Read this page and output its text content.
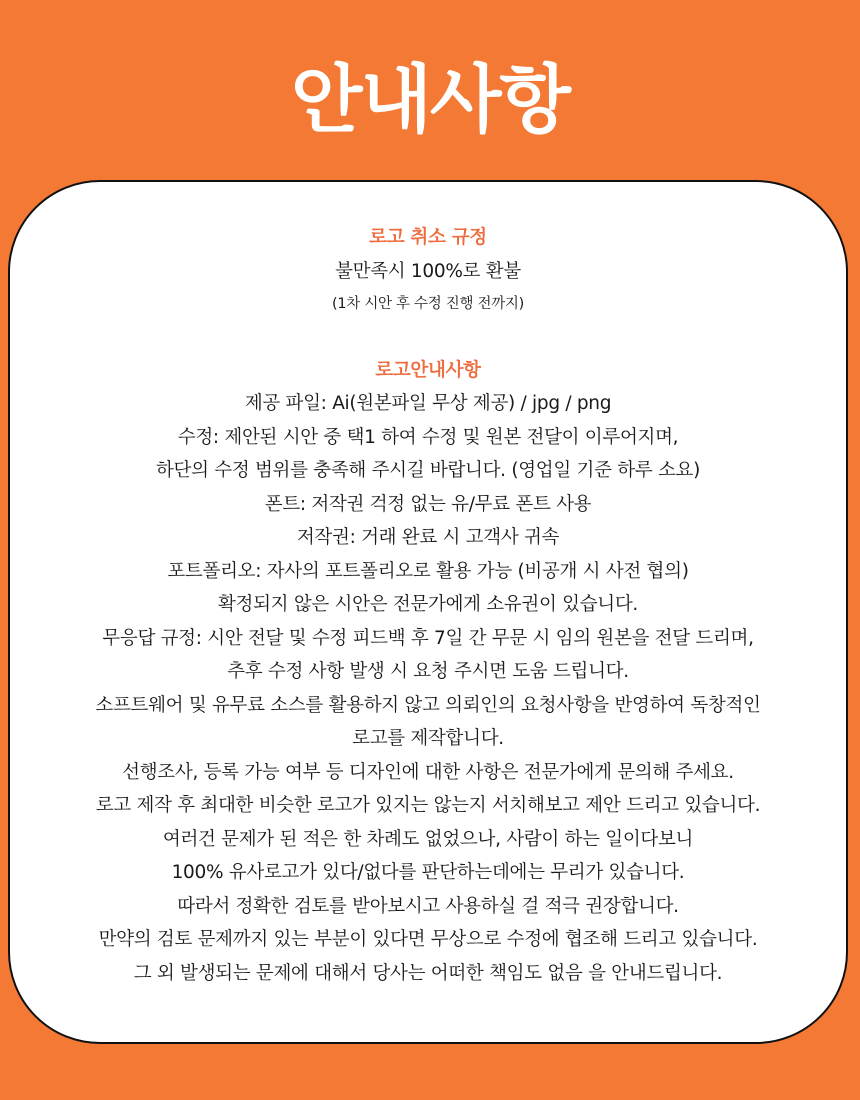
안내사항

로고 취소 규정

불만족시 100%로 환불

(1차 시안 후 수정 진행 전까지)

로고안내사항

제공 파일: Ai(원본파일 무상 제공) / jpg / png

수정: 제안된 시안 중 택1 하여 수정 및 원본 전달이 이루어지며,

하단의 수정 범위를 충족해 주시길 바랍니다. (영업일 기준 하루 소요)

폰트: 저작권 걱정 없는 유/무료 폰트 사용

저작권: 거래 완료 시 고객사 귀속

포트폴리오: 자사의 포트폴리오로 활용 가능 (비공개 시 사전 협의)

확정되지 않은 시안은 전문가에게 소유권이 있습니다.

무응답 규정: 시안 전달 및 수정 피드백 후 7일 간 무문 시 임의 원본을 전달 드리며,

추후 수정 사항 발생 시 요청 주시면 도움 드립니다.

소프트웨어 및 유무료 소스를 활용하지 않고 의뢰인의 요청사항을 반영하여 독창적인

로고를 제작합니다.

선행조사, 등록 가능 여부 등 디자인에 대한 사항은 전문가에게 문의해 주세요.

로고 제작 후 최대한 비슷한 로고가 있지는 않는지 서치해보고 제안 드리고 있습니다.

여러건 문제가 된 적은 한 차례도 없었으나, 사람이 하는 일이다보니

100% 유사로고가 있다/없다를 판단하는데에는 무리가 있습니다.

따라서 정확한 검토를 받아보시고 사용하실 걸 적극 권장합니다.

만약의 검토 문제까지 있는 부분이 있다면 무상으로 수정에 협조해 드리고 있습니다.

그 외 발생되는 문제에 대해서 당사는 어떠한 책임도 없음 을 안내드립니다.
